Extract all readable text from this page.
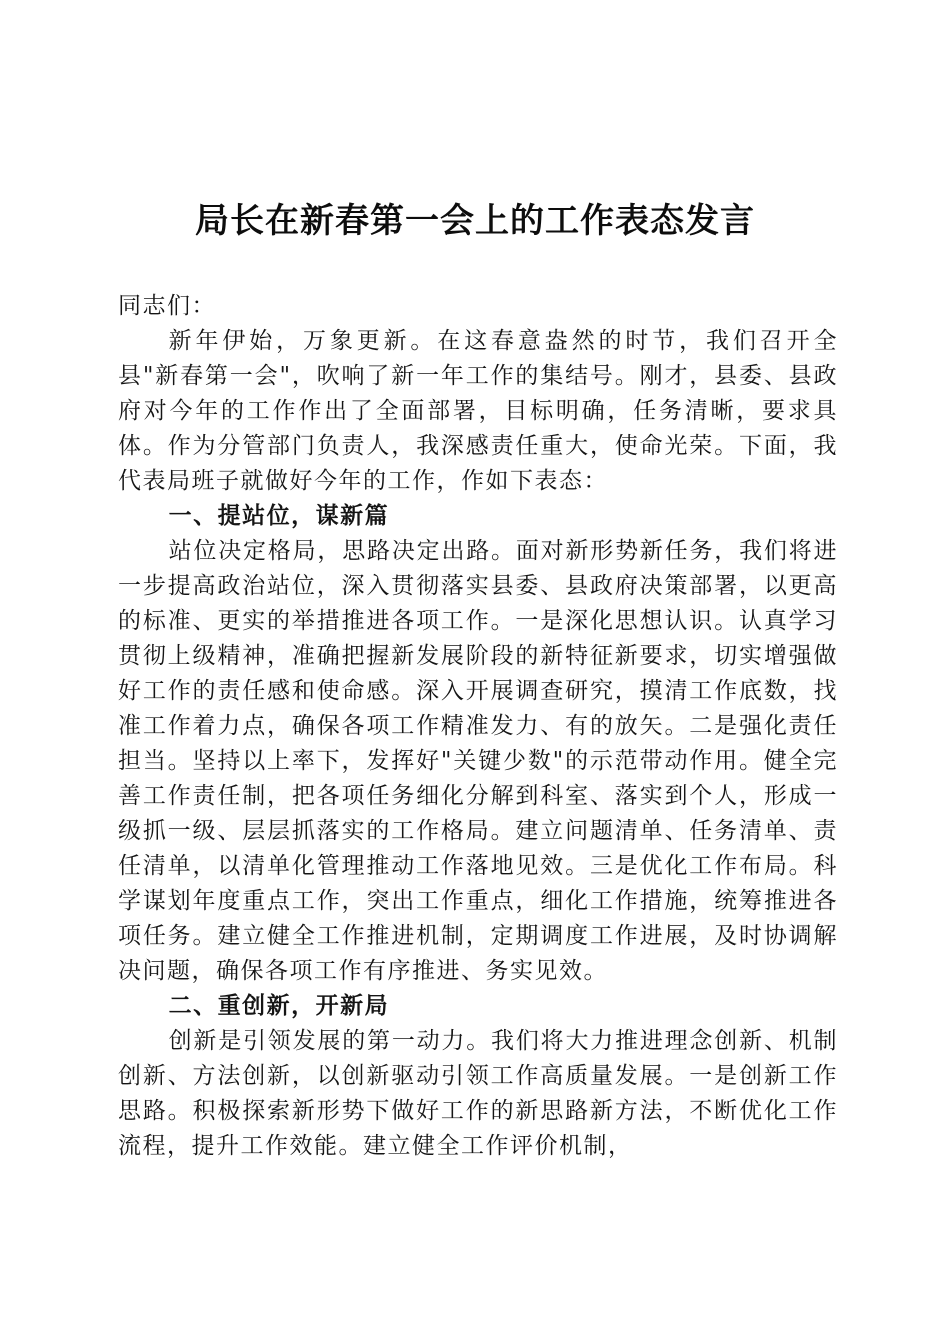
局长在新春第一会上的工作表态发言

同志们：

新年伊始，万象更新。在这春意盎然的时节，我们召开全县"新春第一会"，吹响了新一年工作的集结号。刚才，县委、县政府对今年的工作作出了全面部署，目标明确，任务清晰，要求具体。作为分管部门负责人，我深感责任重大，使命光荣。下面，我代表局班子就做好今年的工作，作如下表态：

一、提站位，谋新篇

站位决定格局，思路决定出路。面对新形势新任务，我们将进一步提高政治站位，深入贯彻落实县委、县政府决策部署，以更高的标准、更实的举措推进各项工作。一是深化思想认识。认真学习贯彻上级精神，准确把握新发展阶段的新特征新要求，切实增强做好工作的责任感和使命感。深入开展调查研究，摸清工作底数，找准工作着力点，确保各项工作精准发力、有的放矢。二是强化责任担当。坚持以上率下，发挥好"关键少数"的示范带动作用。健全完善工作责任制，把各项任务细化分解到科室、落实到个人，形成一级抓一级、层层抓落实的工作格局。建立问题清单、任务清单、责任清单，以清单化管理推动工作落地见效。三是优化工作布局。科学谋划年度重点工作，突出工作重点，细化工作措施，统筹推进各项任务。建立健全工作推进机制，定期调度工作进展，及时协调解决问题，确保各项工作有序推进、务实见效。

二、重创新，开新局

创新是引领发展的第一动力。我们将大力推进理念创新、机制创新、方法创新，以创新驱动引领工作高质量发展。一是创新工作思路。积极探索新形势下做好工作的新思路新方法，不断优化工作流程，提升工作效能。建立健全工作评价机制，
